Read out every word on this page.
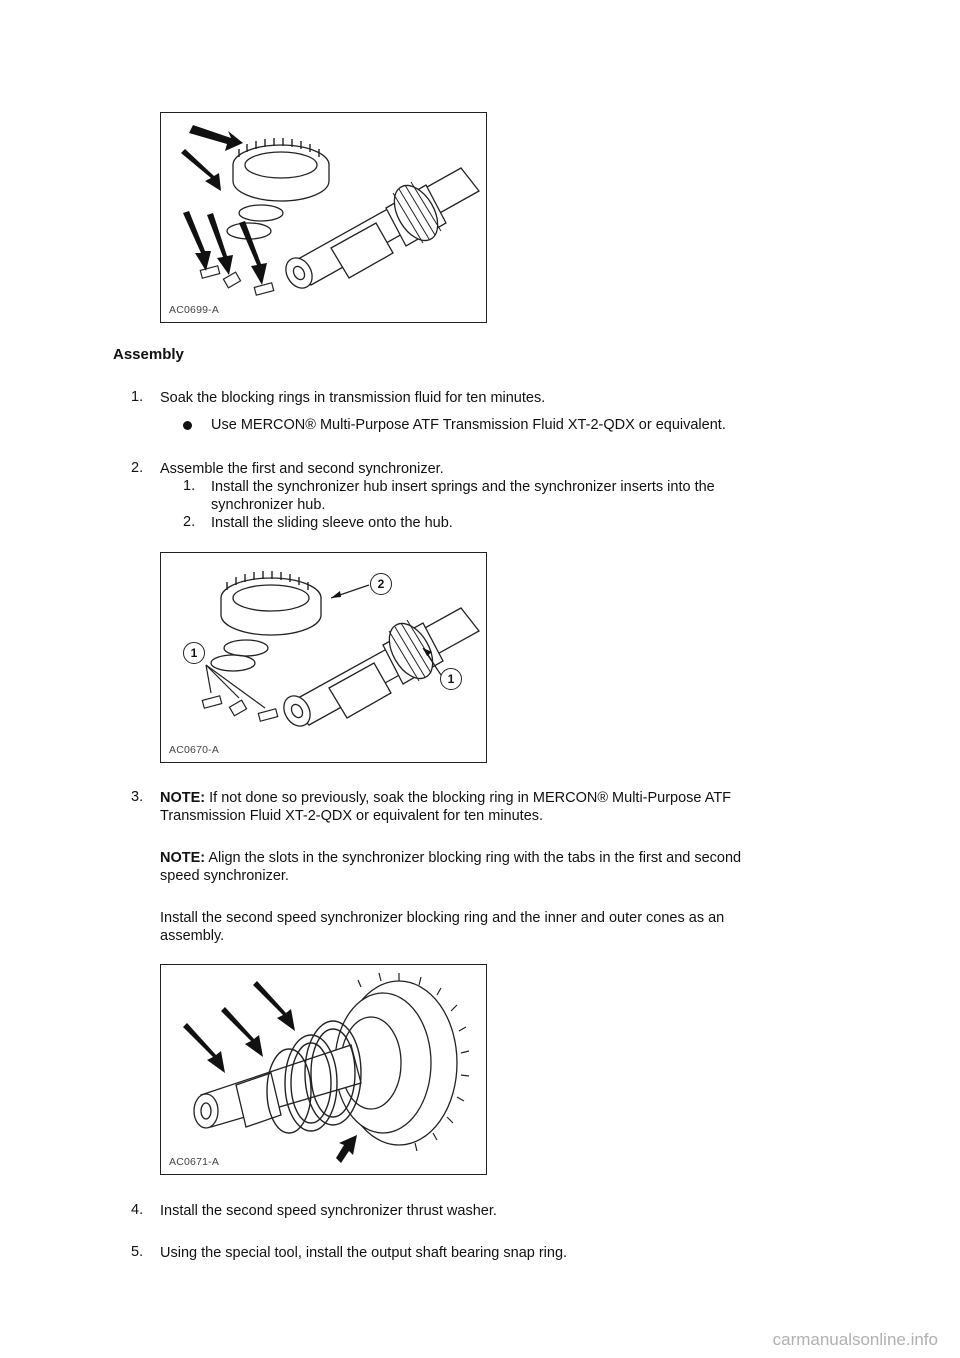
AC0699-A
Assembly
1. Soak the blocking rings in transmission fluid for ten minutes.
Use MERCON® Multi-Purpose ATF Transmission Fluid XT-2-QDX or equivalent.
2. Assemble the first and second synchronizer.
1. Install the synchronizer hub insert springs and the synchronizer inserts into the
synchronizer hub.
2. Install the sliding sleeve onto the hub.
2
1
1
AC0670-A
3. NOTE: If not done so previously, soak the blocking ring in MERCON® Multi-Purpose ATF
Transmission Fluid XT-2-QDX or equivalent for ten minutes.
NOTE: Align the slots in the synchronizer blocking ring with the tabs in the first and second
speed synchronizer.
Install the second speed synchronizer blocking ring and the inner and outer cones as an
assembly.
AC0671-A
4. Install the second speed synchronizer thrust washer.
5. Using the special tool, install the output shaft bearing snap ring.
carmanualsonline.info
